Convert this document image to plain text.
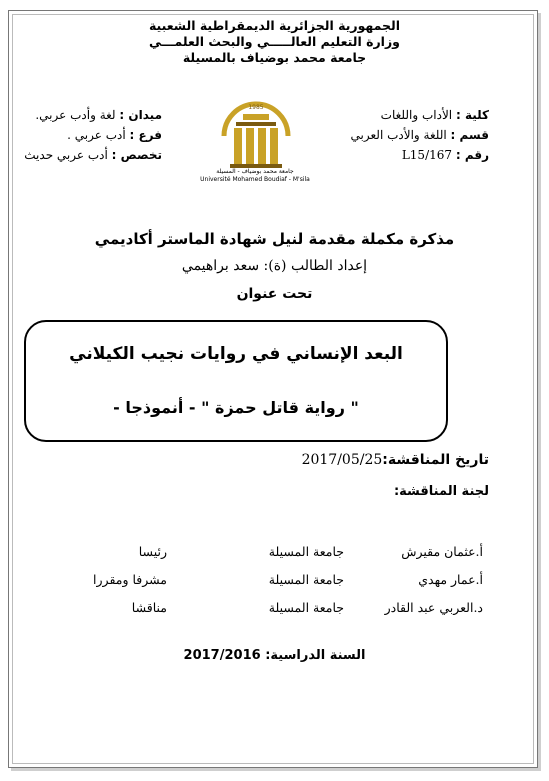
الجمهورية الجزائرية الديمقراطية الشعبية
وزارة التعليم العالـــــي والبحث العلمـــي
جامعة محمد بوضياف بالمسيلة
ميدان : لغة وأدب عربي.
فرع : أدب عربي .
تخصص : أدب عربي حديث
كلية : الأداب واللغات
قسم : اللغة والأدب العربي
رقم : L15/167
1985
جامعة محمد بوضياف - المسيلة
Université Mohamed Boudiaf - M'sila
مذكرة مكملة مقدمة لنيل شهادة الماستر أكاديمي
إعداد الطالب (ة): سعد براهيمي
تحت عنوان
البعد الإنساني في روايات نجيب الكيلاني
" رواية قاتل حمزة " - أنموذجا -
تاريخ المناقشة:2017/05/25
لجنة المناقشة:
أ.عثمان مقيرش
جامعة المسيلة
رئيسا
أ.عمار مهدي
جامعة المسيلة
مشرفا ومقررا
د.العربي عبد القادر
جامعة المسيلة
مناقشا
السنة الدراسية: 2017/2016
